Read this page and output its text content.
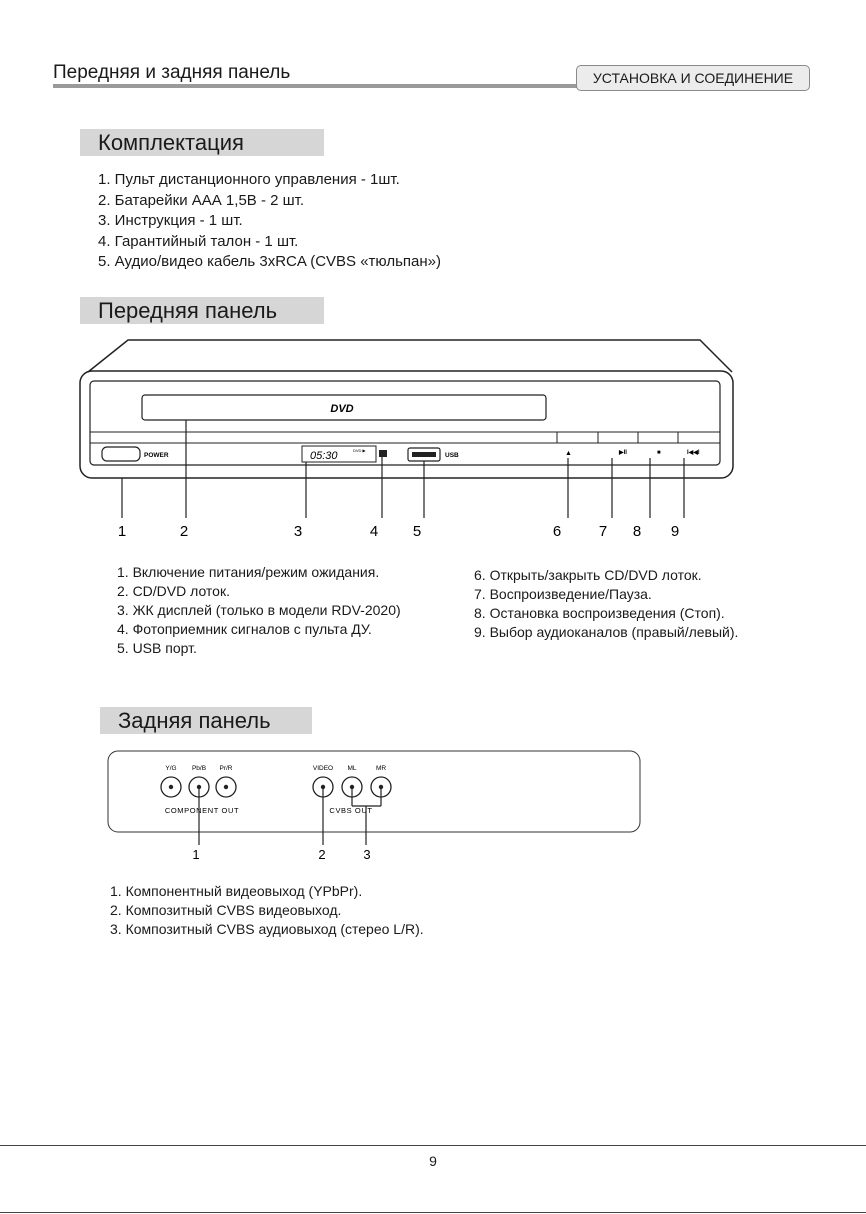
Передняя и задняя панель	УСТАНОВКА И СОЕДИНЕНИЕ
Комплектация
1. Пульт дистанционного управления - 1шт.
2. Батарейки ААА 1,5В - 2 шт.
3. Инструкция - 1 шт.
4. Гарантийный талон - 1 шт.
5. Аудио/видео кабель 3xRCA (CVBS «тюльпан»)
Передняя панель
DVD
POWER	05:30	DVD ▶
USB	▲	▶II	■	I◀◀I
1	2	3	4 5	6	7 8 9
1. Включение питания/режим ожидания.
2. CD/DVD лоток.
3. ЖК дисплей (только в модели RDV-2020)
4. Фотоприемник сигналов с пульта ДУ.
5. USB порт.
6. Открыть/закрыть CD/DVD лоток.
7. Воспроизведение/Пауза.
8. Остановка воспроизведения (Стоп).
9. Выбор аудиоканалов (правый/левый).
Задняя панель
Y/G Pb/B Pr/R	VIDEO ML	MR
COMPONENT OUT	CVBS OUT
1	2	3
1. Компонентный видеовыход (YPbPr).
2. Композитный CVBS видеовыход.
3. Композитный CVBS аудиовыход (стерео L/R).
9
